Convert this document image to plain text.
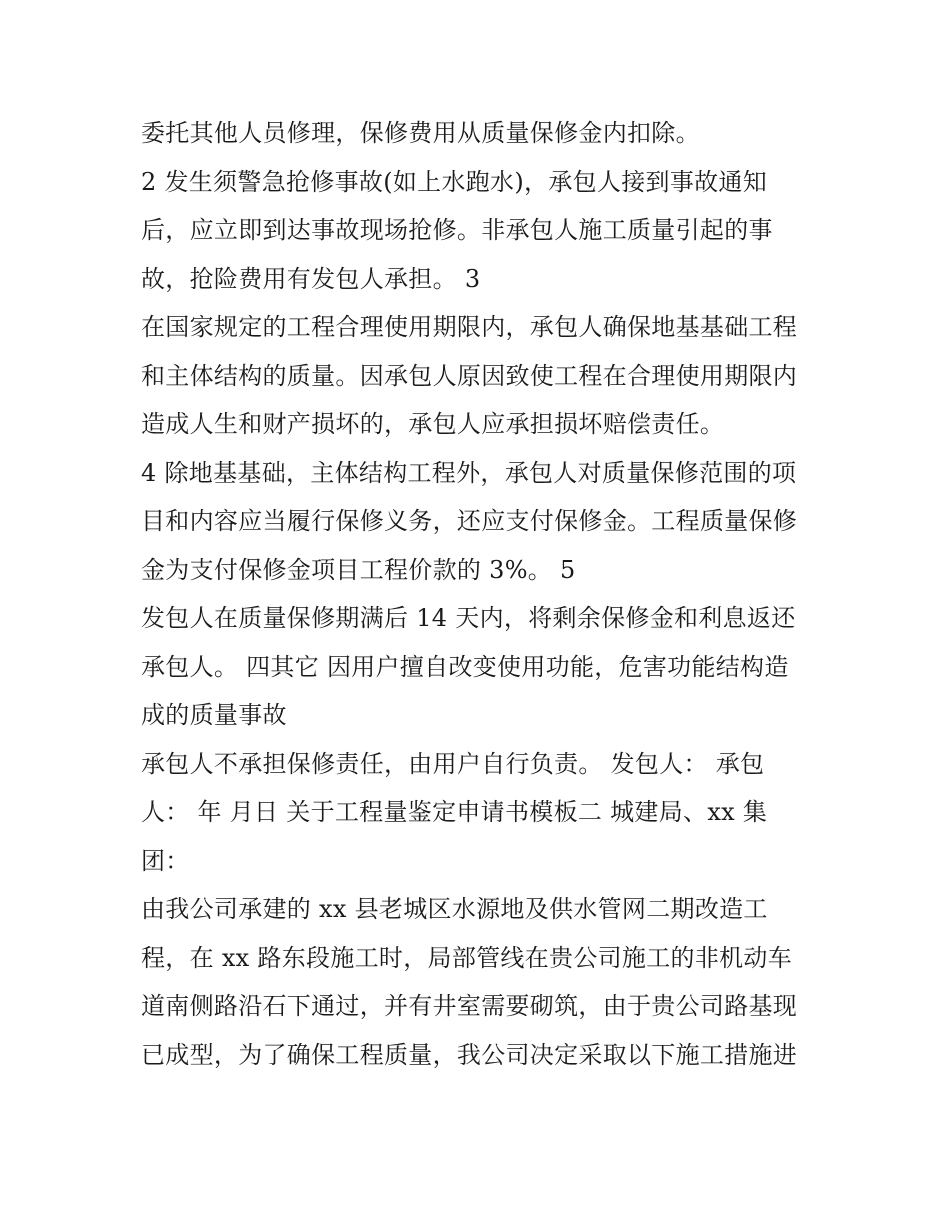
委托其他人员修理，保修费用从质量保修金内扣除。
2 发生须警急抢修事故(如上水跑水)，承包人接到事故通知
后，应立即到达事故现场抢修。非承包人施工质量引起的事
故，抢险费用有发包人承担。 3
在国家规定的工程合理使用期限内，承包人确保地基基础工程
和主体结构的质量。因承包人原因致使工程在合理使用期限内
造成人生和财产损坏的，承包人应承担损坏赔偿责任。
4 除地基基础，主体结构工程外，承包人对质量保修范围的项
目和内容应当履行保修义务，还应支付保修金。工程质量保修
金为支付保修金项目工程价款的 3%。 5
发包人在质量保修期满后 14 天内，将剩余保修金和利息返还
承包人。 四其它 因用户擅自改变使用功能，危害功能结构造
成的质量事故
承包人不承担保修责任，由用户自行负责。 发包人： 承包
人： 年 月日 关于工程量鉴定申请书模板二 城建局、xx 集
团：
由我公司承建的 xx 县老城区水源地及供水管网二期改造工
程，在 xx 路东段施工时，局部管线在贵公司施工的非机动车
道南侧路沿石下通过，并有井室需要砌筑，由于贵公司路基现
已成型，为了确保工程质量，我公司决定采取以下施工措施进
